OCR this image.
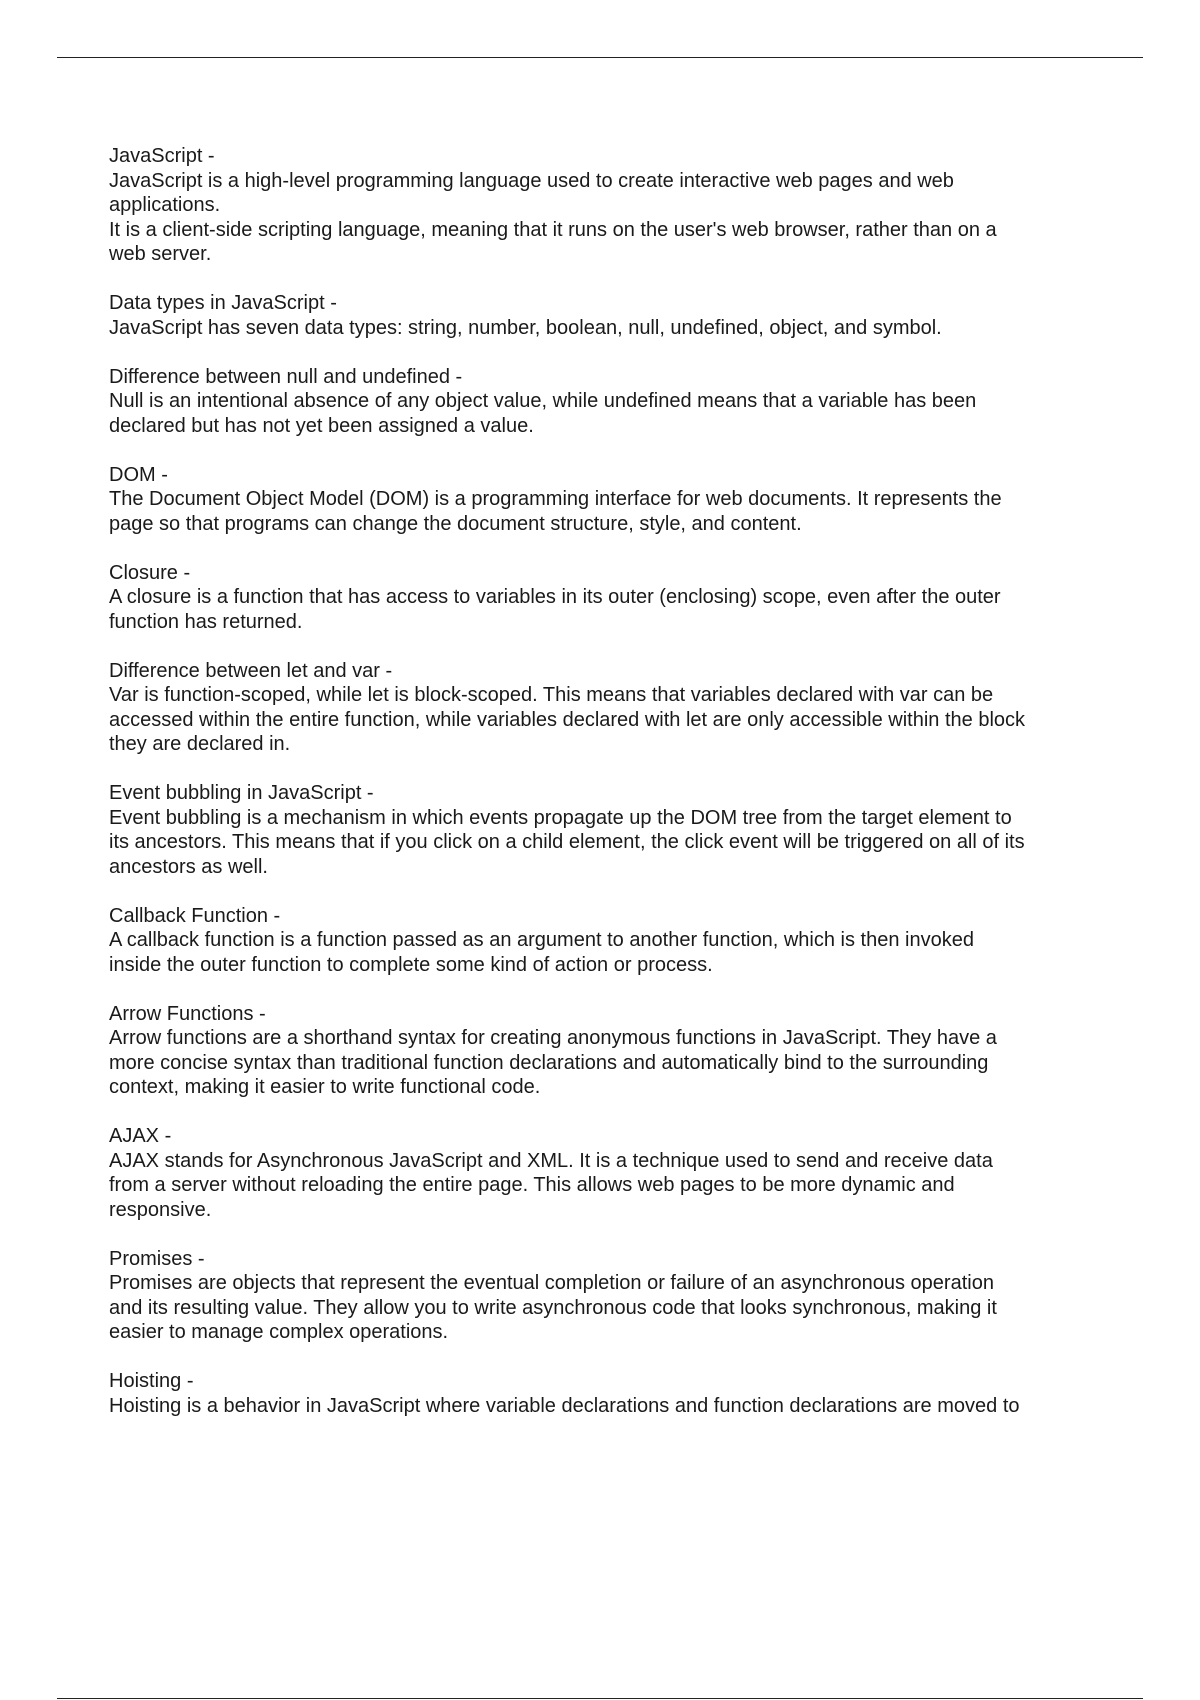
JavaScript -

JavaScript is a high-level programming language used to create interactive web pages and web
applications.
It is a client-side scripting language, meaning that it runs on the user's web browser, rather than on a
web server.

Data types in JavaScript -

JavaScript has seven data types: string, number, boolean, null, undefined, object, and symbol.

Difference between null and undefined -

Null is an intentional absence of any object value, while undefined means that a variable has been
declared but has not yet been assigned a value.

DOM -

The Document Object Model (DOM) is a programming interface for web documents. It represents the
page so that programs can change the document structure, style, and content.

Closure -

A closure is a function that has access to variables in its outer (enclosing) scope, even after the outer
function has returned.

Difference between let and var -

Var is function-scoped, while let is block-scoped. This means that variables declared with var can be
accessed within the entire function, while variables declared with let are only accessible within the block
they are declared in.

Event bubbling in JavaScript -

Event bubbling is a mechanism in which events propagate up the DOM tree from the target element to
its ancestors. This means that if you click on a child element, the click event will be triggered on all of its
ancestors as well.

Callback Function -

A callback function is a function passed as an argument to another function, which is then invoked
inside the outer function to complete some kind of action or process.

Arrow Functions -

Arrow functions are a shorthand syntax for creating anonymous functions in JavaScript. They have a
more concise syntax than traditional function declarations and automatically bind to the surrounding
context, making it easier to write functional code.

AJAX -

AJAX stands for Asynchronous JavaScript and XML. It is a technique used to send and receive data
from a server without reloading the entire page. This allows web pages to be more dynamic and
responsive.

Promises -

Promises are objects that represent the eventual completion or failure of an asynchronous operation
and its resulting value. They allow you to write asynchronous code that looks synchronous, making it
easier to manage complex operations.

Hoisting -

Hoisting is a behavior in JavaScript where variable declarations and function declarations are moved to
